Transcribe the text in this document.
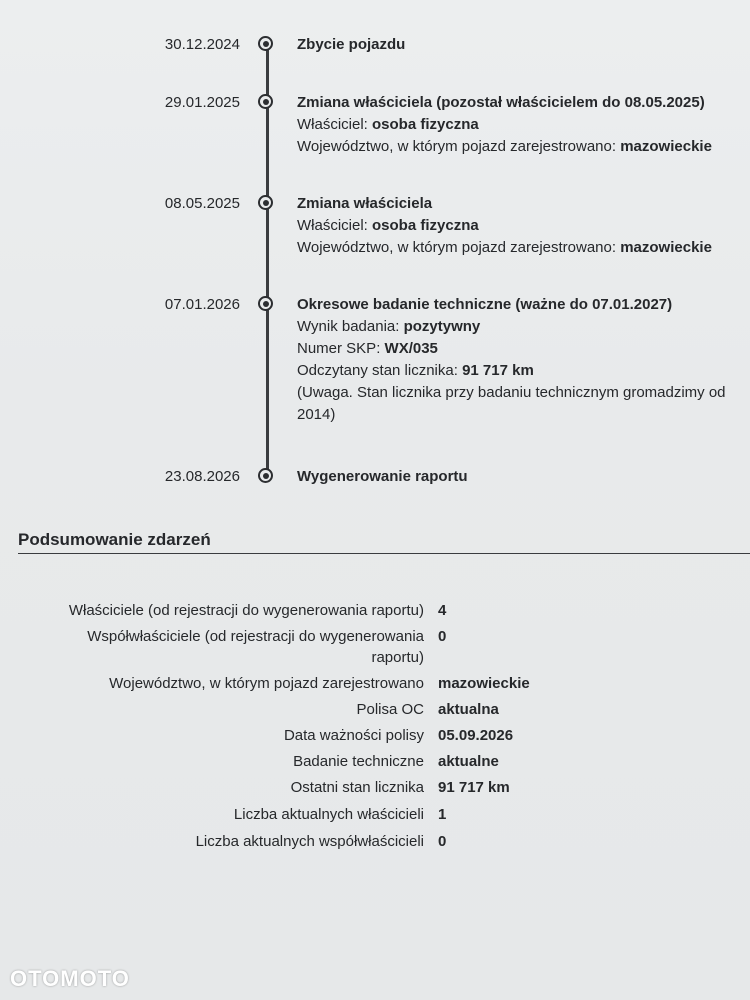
30.12.2024	Zbycie pojazdu
29.01.2025	Zmiana właściciela (pozostał właścicielem do 08.05.2025)
Właściciel: osoba fizyczna
Województwo, w którym pojazd zarejestrowano: mazowieckie
08.05.2025	Zmiana właściciela
Właściciel: osoba fizyczna
Województwo, w którym pojazd zarejestrowano: mazowieckie
07.01.2026	Okresowe badanie techniczne (ważne do 07.01.2027)
Wynik badania: pozytywny
Numer SKP: WX/035
Odczytany stan licznika: 91 717 km
(Uwaga. Stan licznika przy badaniu technicznym gromadzimy od
2014)
23.08.2026	Wygenerowanie raportu
Podsumowanie zdarzeń
Właściciele (od rejestracji do wygenerowania raportu) 4
Współwłaściciele (od rejestracji do wygenerowania
raportu)
0
Województwo, w którym pojazd zarejestrowano mazowieckie
Polisa OC aktualna
Data ważności polisy 05.09.2026
Badanie techniczne aktualne
Ostatni stan licznika 91 717 km
Liczba aktualnych właścicieli 1
Liczba aktualnych współwłaścicieli 0
OTOMOTO
